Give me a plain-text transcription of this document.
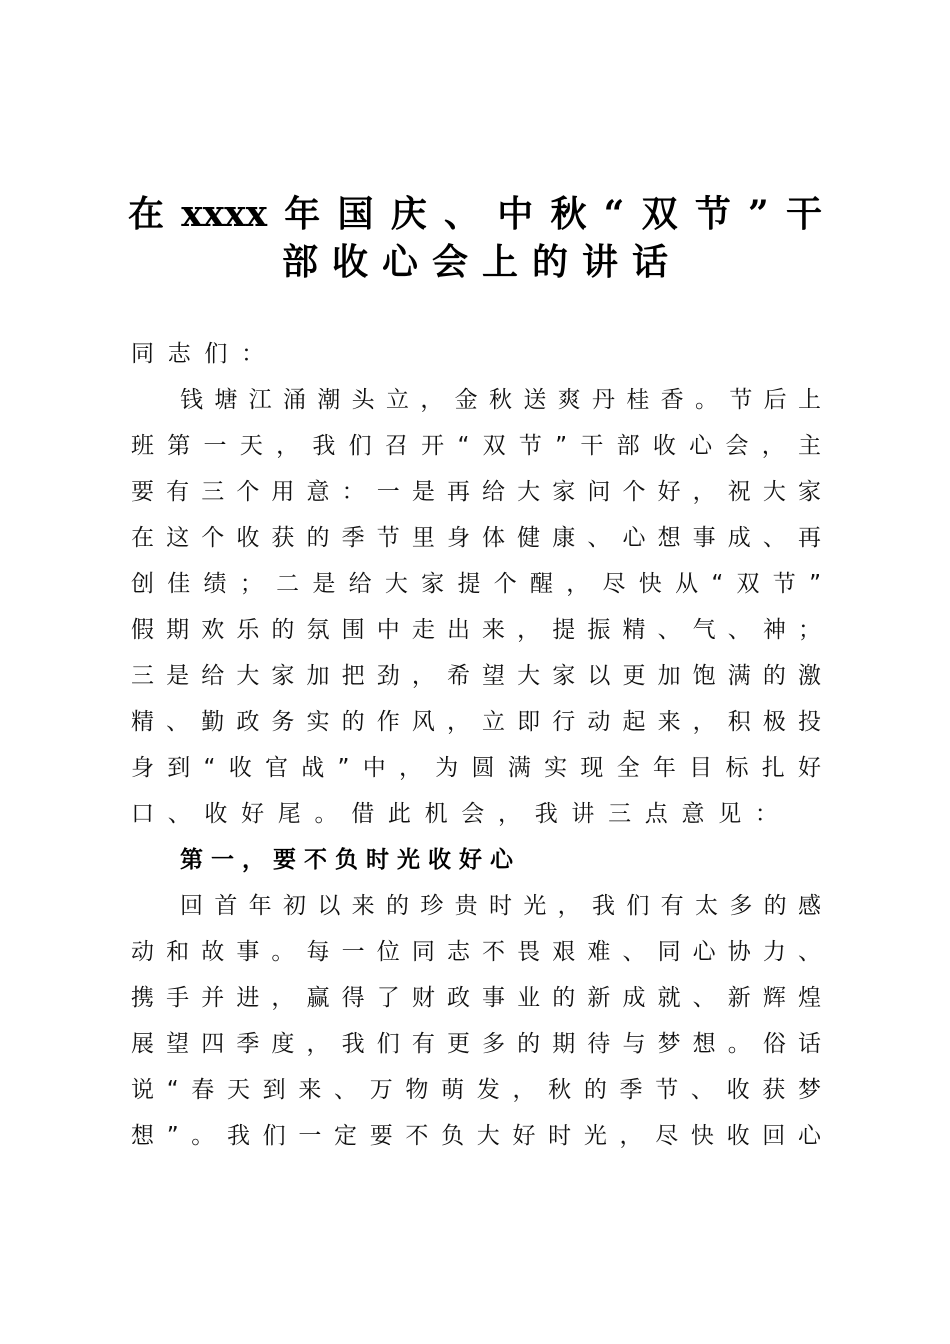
在xxxx年国庆、中秋“双节”干
部收心会上的讲话
同志们：
钱塘江涌潮头立，金秋送爽丹桂香。节后上
班第一天，我们召开“双节”干部收心会，主
要有三个用意：一是再给大家问个好，祝大家
在这个收获的季节里身体健康、心想事成、再
创佳绩；二是给大家提个醒，尽快从“双节”
假期欢乐的氛围中走出来，提振精、气、神；
三是给大家加把劲，希望大家以更加饱满的激
精、勤政务实的作风，立即行动起来，积极投
身到“收官战”中，为圆满实现全年目标扎好
口、收好尾。借此机会，我讲三点意见：
第一，要不负时光收好心
回首年初以来的珍贵时光，我们有太多的感
动和故事。每一位同志不畏艰难、同心协力、
携手并进，赢得了财政事业的新成就、新辉煌
展望四季度，我们有更多的期待与梦想。俗话
说“春天到来、万物萌发，秋的季节、收获梦
想”。我们一定要不负大好时光，尽快收回心
